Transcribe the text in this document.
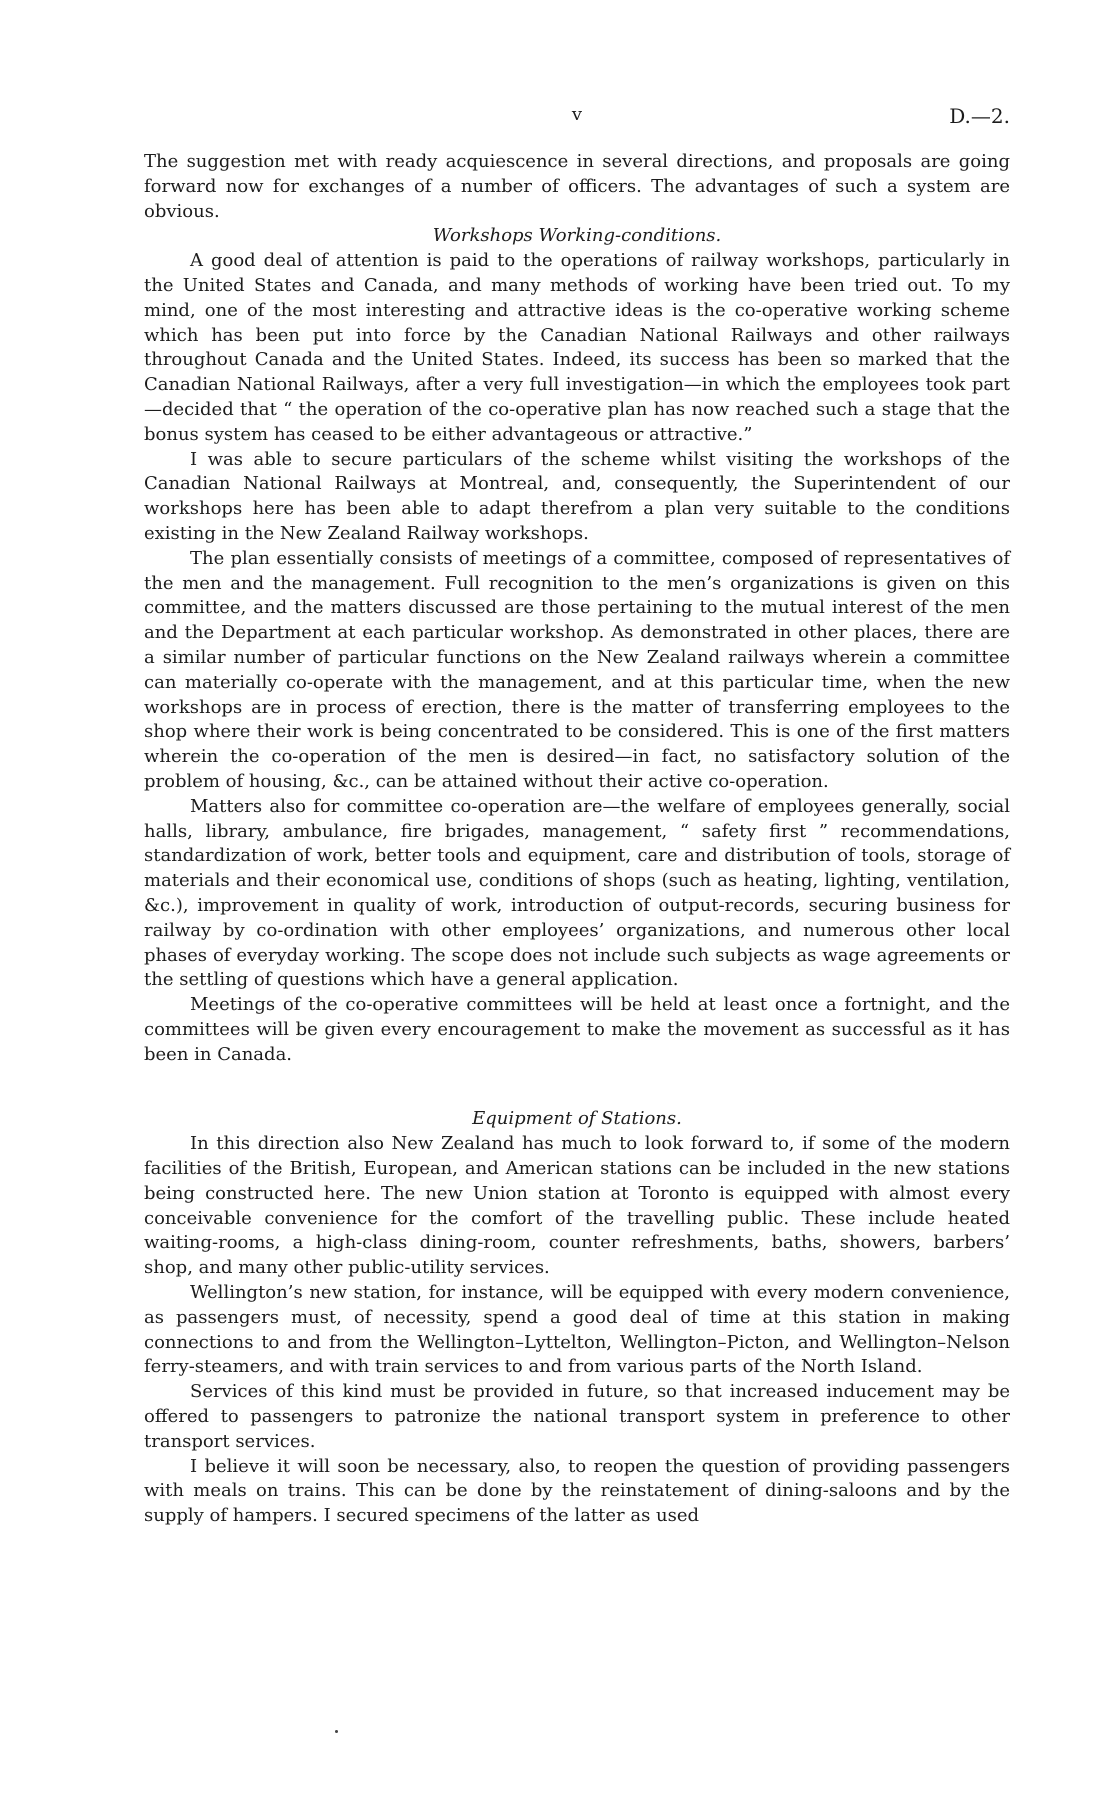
v	D.—2.

The suggestion met with ready acquiescence in several directions, and proposals are going forward now for exchanges of a number of officers. The advantages of such a system are obvious.

Workshops Working-conditions.

A good deal of attention is paid to the operations of railway workshops, particularly in the United States and Canada, and many methods of working have been tried out. To my mind, one of the most interesting and attractive ideas is the co-operative working scheme which has been put into force by the Canadian National Railways and other railways throughout Canada and the United States. Indeed, its success has been so marked that the Canadian National Railways, after a very full investigation—in which the employees took part—decided that “ the operation of the co-operative plan has now reached such a stage that the bonus system has ceased to be either advantageous or attractive.”

I was able to secure particulars of the scheme whilst visiting the workshops of the Canadian National Railways at Montreal, and, consequently, the Superintendent of our workshops here has been able to adapt therefrom a plan very suitable to the conditions existing in the New Zealand Railway workshops.

The plan essentially consists of meetings of a committee, composed of representatives of the men and the management. Full recognition to the men’s organizations is given on this committee, and the matters discussed are those pertaining to the mutual interest of the men and the Department at each particular workshop. As demonstrated in other places, there are a similar number of particular functions on the New Zealand railways wherein a committee can materially co-operate with the management, and at this particular time, when the new workshops are in process of erection, there is the matter of transferring employees to the shop where their work is being concentrated to be considered. This is one of the first matters wherein the co-operation of the men is desired—in fact, no satisfactory solution of the problem of housing, &c., can be attained without their active co-operation.

Matters also for committee co-operation are—the welfare of employees generally, social halls, library, ambulance, fire brigades, management, “ safety first ” recommendations, standardization of work, better tools and equipment, care and distribution of tools, storage of materials and their economical use, conditions of shops (such as heating, lighting, ventilation, &c.), improvement in quality of work, introduction of output-records, securing business for railway by co-ordination with other employees’ organizations, and numerous other local phases of everyday working. The scope does not include such subjects as wage agreements or the settling of questions which have a general application.

Meetings of the co-operative committees will be held at least once a fortnight, and the committees will be given every encouragement to make the movement as successful as it has been in Canada.

Equipment of Stations.

In this direction also New Zealand has much to look forward to, if some of the modern facilities of the British, European, and American stations can be included in the new stations being constructed here. The new Union station at Toronto is equipped with almost every conceivable convenience for the comfort of the travelling public. These include heated waiting-rooms, a high-class dining-room, counter refreshments, baths, showers, barbers’ shop, and many other public-utility services.

Wellington’s new station, for instance, will be equipped with every modern convenience, as passengers must, of necessity, spend a good deal of time at this station in making connections to and from the Wellington–Lyttelton, Wellington–Picton, and Wellington–Nelson ferry-steamers, and with train services to and from various parts of the North Island.

Services of this kind must be provided in future, so that increased inducement may be offered to passengers to patronize the national transport system in preference to other transport services.

I believe it will soon be necessary, also, to reopen the question of providing passengers with meals on trains. This can be done by the reinstatement of dining-saloons and by the supply of hampers. I secured specimens of the latter as used
